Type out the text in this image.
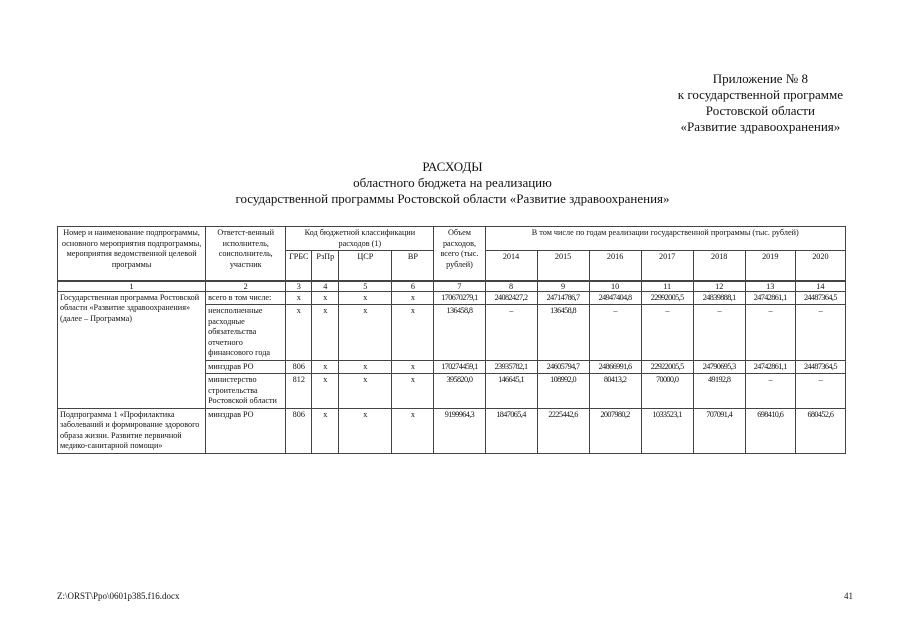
Приложение № 8
к государственной программе
Ростовской области
«Развитие здравоохранения»
РАСХОДЫ
областного бюджета на реализацию
государственной программы Ростовской области «Развитие здравоохранения»
Номер и наименование подпрограммы, основного мероприятия подпрограммы, мероприятия ведомственной целевой программы	Ответст-венный исполнитель, соисполнитель, участник	Код бюджетной классификации расходов (1)				Объем расходов, всего (тыс. рублей)	В том числе по годам реализации государственной программы (тыс. рублей)						
		ГРБС	РзПр	ЦСР	ВР		2014	2015	2016	2017	2018	2019	2020

1	2	3	4	5	6	7	8	9	10	11	12	13	14
Государственная программа Ростовской области «Развитие здравоохранения» (далее – Программа)	всего в том числе:	х	х	х	х	170670279,1	24082427,2	24714786,7	24947404,8	22992005,5	24839888,1	24742861,1	24487364,5
	неисполненные расходные обязательства отчетного финансового года	х	х	х	х	136458,8	–	136458,8	–	–	–	–	–
	минздрав РО	806	х	х	х	170274459,1	23935782,1	24605794,7	24866991,6	22922005,5	24790695,3	24742861,1	24487364,5
	министерство строительства Ростовской области	812	х	х	х	395820,0	146645,1	108992,0	80413,2	70000,0	49192,8	–	–
Подпрограмма 1 «Профилактика заболеваний и формирование здорового образа жизни. Развитие первичной медико-санитарной помощи»	минздрав РО	806	х	х	х	9199964,3	1847065,4	2225442,6	2007980,2	1033523,1	707091,4	698410,6	680452,6
Z:\ORST\Ppo\0601p385.f16.docx	41
